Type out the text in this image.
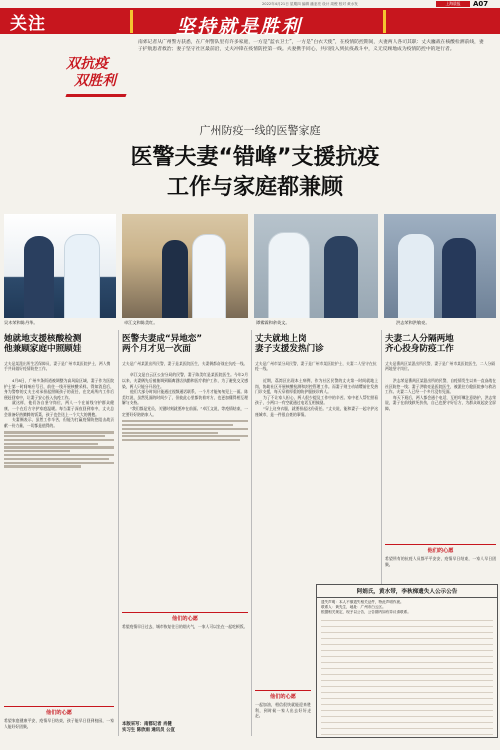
2022年4月21日 星期四 编辑 潘亚亮 设计 周俊 校对 黄水发	上海晨报	A07
关注	坚持就是胜利
双抗疫
双胜利
南郊记者从广州警方获悉，在广州警队里有许多家庭，一方是“蓝衣卫士”，一方是“白衣天使”，在疫情防控期间，夫妻两人各司其职：丈夫鏖战在核酸检测前线，妻子护航患者救治；妻子坚守社区最前沿，丈夫冲锋在疫情防控第一线。夫妻携手同心，共同投入到抗疫战斗中，义无反顾地成为疫情防控中的逆行者。
广州防疫一线的医警家庭
医警夫妻“错峰”支援抗疫
工作与家庭都兼顾
吴木荣和陈丹华。	卓江文和陈美红。	谭雾霖和余英文。	洪志荣和洪敏亮。
她就地支援核酸检测
他兼顾家庭中照顾娃
丈夫是某派出所生活保障员，妻子是广州市某医院护士，两人携手共同做好疫情防控工作。
4月8日，广州多条街道被调整为高风险区域，妻子作为医院护士第一时间响应号召，前往一线开展核酸采样。得知消息后，身为警察的丈夫主动承担起照顾孩子的责任，在完成所内工作后便赶回家中，让妻子安心投入抗疫工作。
就这样，他们各自坚守岗位，两人一个在前线守护群众健康，一个在后方守护家庭温暖。每当妻子深夜回到家中，丈夫总会准备好热腾腾的饭菜，孩子也会送上一个大大的拥抱。
夫妻俩表示，虽然工作辛苦，但能为打赢疫情防控阻击战贡献一份力量，一切都是值得的。
他们的心愿
希望家庭健康平安，疫情早日结束，孩子能早日回到校园，一家人能好好团聚。
医警夫妻成“异地恋”
两个月才见一次面
丈夫是广州某派出所民警，妻子是某医院医生，夫妻俩都奋战在抗疫一线。
卓江文是白云区公安分局的民警，妻子陈美红是某医院医生。今年2月以来，夫妻俩先后被抽调到隔离酒店执勤和医疗救护工作，为了避免交叉感染，两人只能分开居住。
他们大部分时间只能通过视频通话联系，一个月才能匆匆见上一面。陈美红说，虽然见面的时间少了，但彼此心里都装着对方，也更加懂得相互理解与支持。
“我们都是党员，关键时刻就要冲在前面。”卓江文说，等疫情结束，一定要好好陪陪家人。
他们的心愿
希望疫情早日过去，城市恢复往日的烟火气，一家人可以坐在一起吃顿饭。
本版采写：南都记者 肖健
实习生 陈欣雨 通讯员 公宣
丈夫就地上岗
妻子支援发热门诊
丈夫是广州市某分局民警，妻子是广州市某医院护士，夫妻二人坚守在抗疫一线。
近期，荔湾区出现本土病例，作为社区民警的丈夫第一时间就地上岗，协助社区开展核酸检测和封控管理工作。而妻子则主动请缨前往发热门诊支援，每天穿着厚重的防护服接诊病人。
为了不让家人担心，两人很少提及工作中的辛苦。家中老人帮忙照看孩子，小两口一有空就通过电话互相鼓励。
“穿上这身衣服，就要担起这份责任。”丈夫说，能和妻子一起守护这座城市，是一件很自豪的事情。
他们的心愿
一起加油，相信很快就能迎来胜利，到时候一家人出去好好走走。
夫妻二人分隔两地
齐心投身防疫工作
丈夫是番禺区某派出所民警，妻子是广州市某医院医生，二人分隔两地坚守岗位。
洪志荣是番禺区某派出所的民警，自疫情发生以来一直奋战在社区防控一线；妻子洪敏亮是医院医生，被派往方舱医院参与救治工作。夫妻二人已经一个多月没有见面。
每天下班后，两人都会通个电话，互相叮嘱注意防护。洪志荣说，妻子在前线救死扶伤，自己也要守好后方，为群众筑起安全屏障。
他们的心愿
希望所有的抗疫人员都平平安安，疫情早日结束，一家人早日团聚。
阿娟氏，黄水带，李秋梯遗失人公示公告
遗失声明：本人不慎遗失相关证件，特此声明作废。
联系人：黄先生，地址：广州市白云区。
根据相关规定，现予以公告，公告期内如有异议请联系。
